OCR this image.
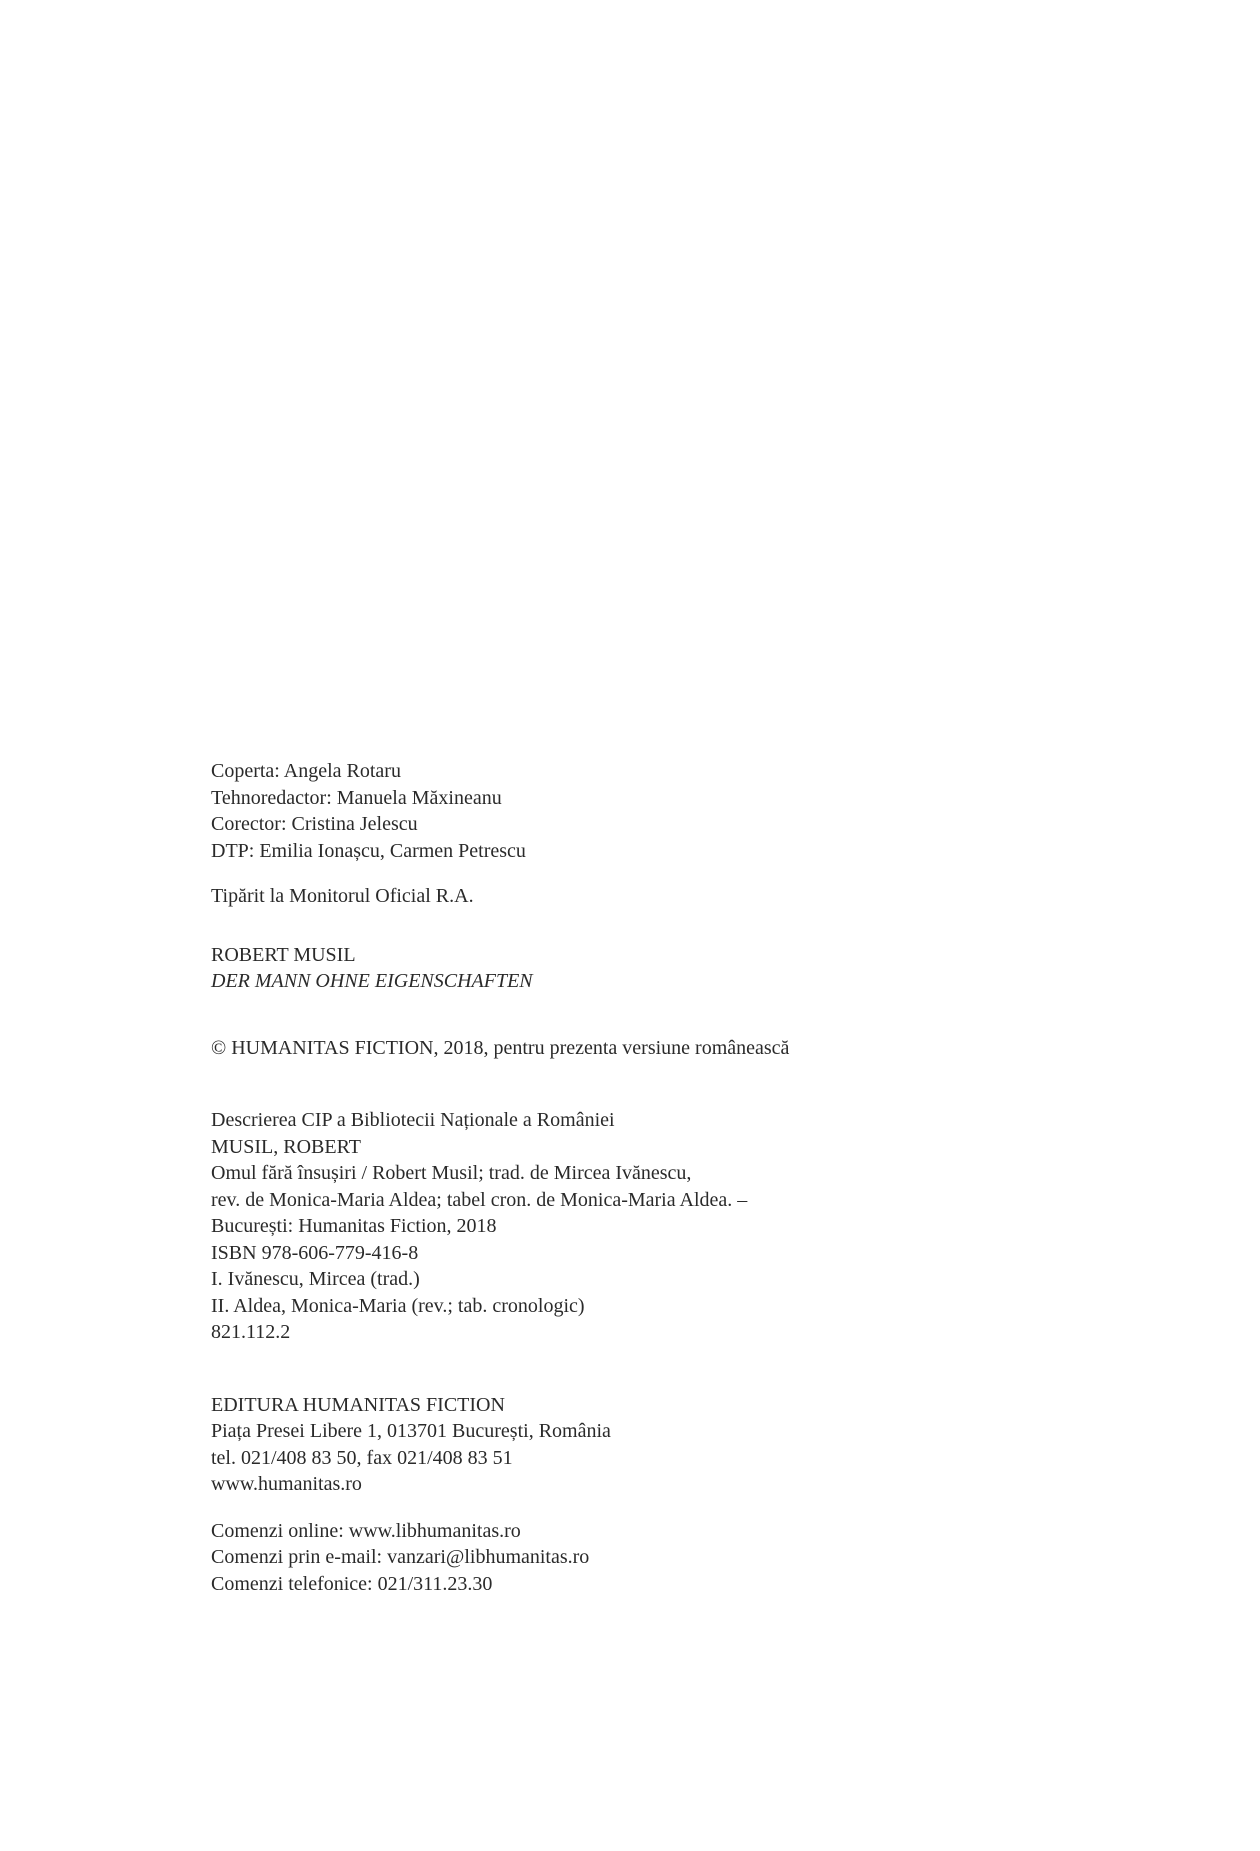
Coperta: Angela Rotaru
Tehnoredactor: Manuela Măxineanu
Corector: Cristina Jelescu
DTP: Emilia Ionașcu, Carmen Petrescu
Tipărit la Monitorul Oficial R.A.
ROBERT MUSIL
DER MANN OHNE EIGENSCHAFTEN
© HUMANITAS FICTION, 2018, pentru prezenta versiune românească
Descrierea CIP a Bibliotecii Naționale a României
MUSIL, ROBERT
Omul fără însușiri / Robert Musil; trad. de Mircea Ivănescu,
rev. de Monica-Maria Aldea; tabel cron. de Monica-Maria Aldea. –
București: Humanitas Fiction, 2018
ISBN 978-606-779-416-8
I. Ivănescu, Mircea (trad.)
II. Aldea, Monica-Maria (rev.; tab. cronologic)
821.112.2
EDITURA HUMANITAS FICTION
Piața Presei Libere 1, 013701 București, România
tel. 021/408 83 50, fax 021/408 83 51
www.humanitas.ro
Comenzi online: www.libhumanitas.ro
Comenzi prin e-mail: vanzari@libhumanitas.ro
Comenzi telefonice: 021/311.23.30
